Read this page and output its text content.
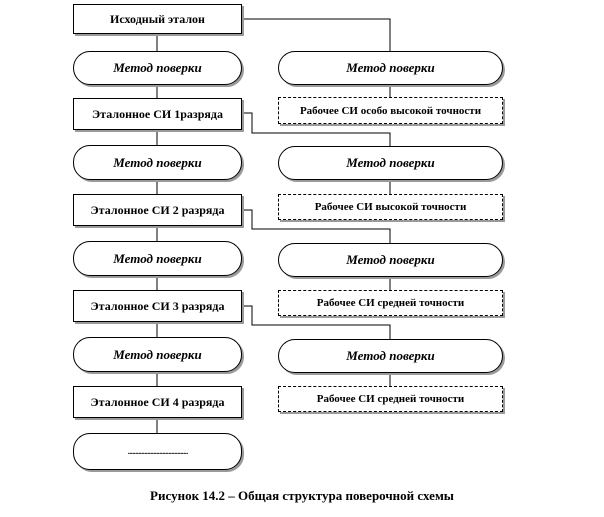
Исходный эталон
Метод поверки
Эталонное СИ 1разряда
Метод поверки
Эталонное СИ 2 разряда
Метод поверки
Эталонное СИ 3 разряда
Метод поверки
Эталонное СИ 4 разряда
........................................
Метод поверки
Рабочее СИ особо высокой точности
Метод поверки
Рабочее СИ высокой точности
Метод поверки
Рабочее СИ средней точности
Метод поверки
Рабочее СИ средней точности
Рисунок 14.2 – Общая структура поверочной схемы
